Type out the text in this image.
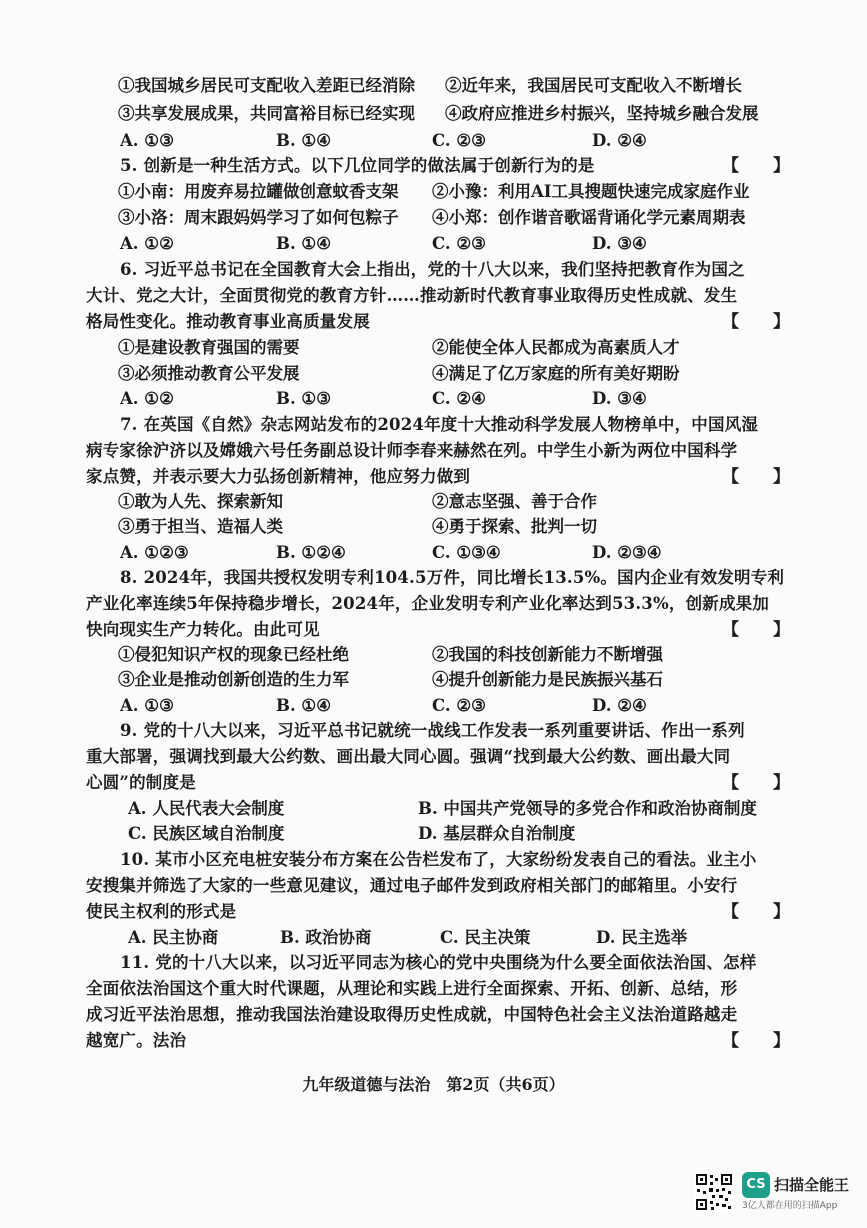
①我国城乡居民可支配收入差距已经消除 ②近年来，我国居民可支配收入不断增长
③共享发展成果，共同富裕目标已经实现 ④政府应推进乡村振兴，坚持城乡融合发展
A. ①③	B. ①④	C. ②③	D. ②④
5. 创新是一种生活方式。以下几位同学的做法属于创新行为的是	【　　】
①小南：用废弃易拉罐做创意蚊香支架 ②小豫：利用AI工具搜题快速完成家庭作业
③小洛：周末跟妈妈学习了如何包粽子 ④小郑：创作谐音歌谣背诵化学元素周期表
A. ①②	B. ①④	C. ②③	D. ③④
6. 习近平总书记在全国教育大会上指出，党的十八大以来，我们坚持把教育作为国之
大计、党之大计，全面贯彻党的教育方针……推动新时代教育事业取得历史性成就、发生
格局性变化。推动教育事业高质量发展	【　　】
①是建设教育强国的需要	②能使全体人民都成为高素质人才
③必须推动教育公平发展	④满足了亿万家庭的所有美好期盼
A. ①②	B. ①③	C. ②④	D. ③④
7. 在英国《自然》杂志网站发布的2024年度十大推动科学发展人物榜单中，中国风湿
病专家徐沪济以及嫦娥六号任务副总设计师李春来赫然在列。中学生小新为两位中国科学
家点赞，并表示要大力弘扬创新精神，他应努力做到	【　　】
①敢为人先、探索新知	②意志坚强、善于合作
③勇于担当、造福人类	④勇于探索、批判一切
A. ①②③	B. ①②④	C. ①③④	D. ②③④
8. 2024年，我国共授权发明专利104.5万件，同比增长13.5%。国内企业有效发明专利
产业化率连续5年保持稳步增长，2024年，企业发明专利产业化率达到53.3%，创新成果加
快向现实生产力转化。由此可见	【　　】
①侵犯知识产权的现象已经杜绝	②我国的科技创新能力不断增强
③企业是推动创新创造的生力军	④提升创新能力是民族振兴基石
A. ①③	B. ①④	C. ②③	D. ②④
9. 党的十八大以来，习近平总书记就统一战线工作发表一系列重要讲话、作出一系列
重大部署，强调找到最大公约数、画出最大同心圆。强调“找到最大公约数、画出最大同
心圆”的制度是	【　　】
A. 人民代表大会制度	B. 中国共产党领导的多党合作和政治协商制度
C. 民族区域自治制度	D. 基层群众自治制度
10. 某市小区充电桩安装分布方案在公告栏发布了，大家纷纷发表自己的看法。业主小
安搜集并筛选了大家的一些意见建议，通过电子邮件发到政府相关部门的邮箱里。小安行
使民主权利的形式是	【　　】
A. 民主协商	B. 政治协商	C. 民主决策	D. 民主选举
11. 党的十八大以来，以习近平同志为核心的党中央围绕为什么要全面依法治国、怎样
全面依法治国这个重大时代课题，从理论和实践上进行全面探索、开拓、创新、总结，形
成习近平法治思想，推动我国法治建设取得历史性成就，中国特色社会主义法治道路越走
越宽广。法治	【　　】
九年级道德与法治　第2页（共6页）
CS 扫描全能王
3亿人都在用的扫描App
